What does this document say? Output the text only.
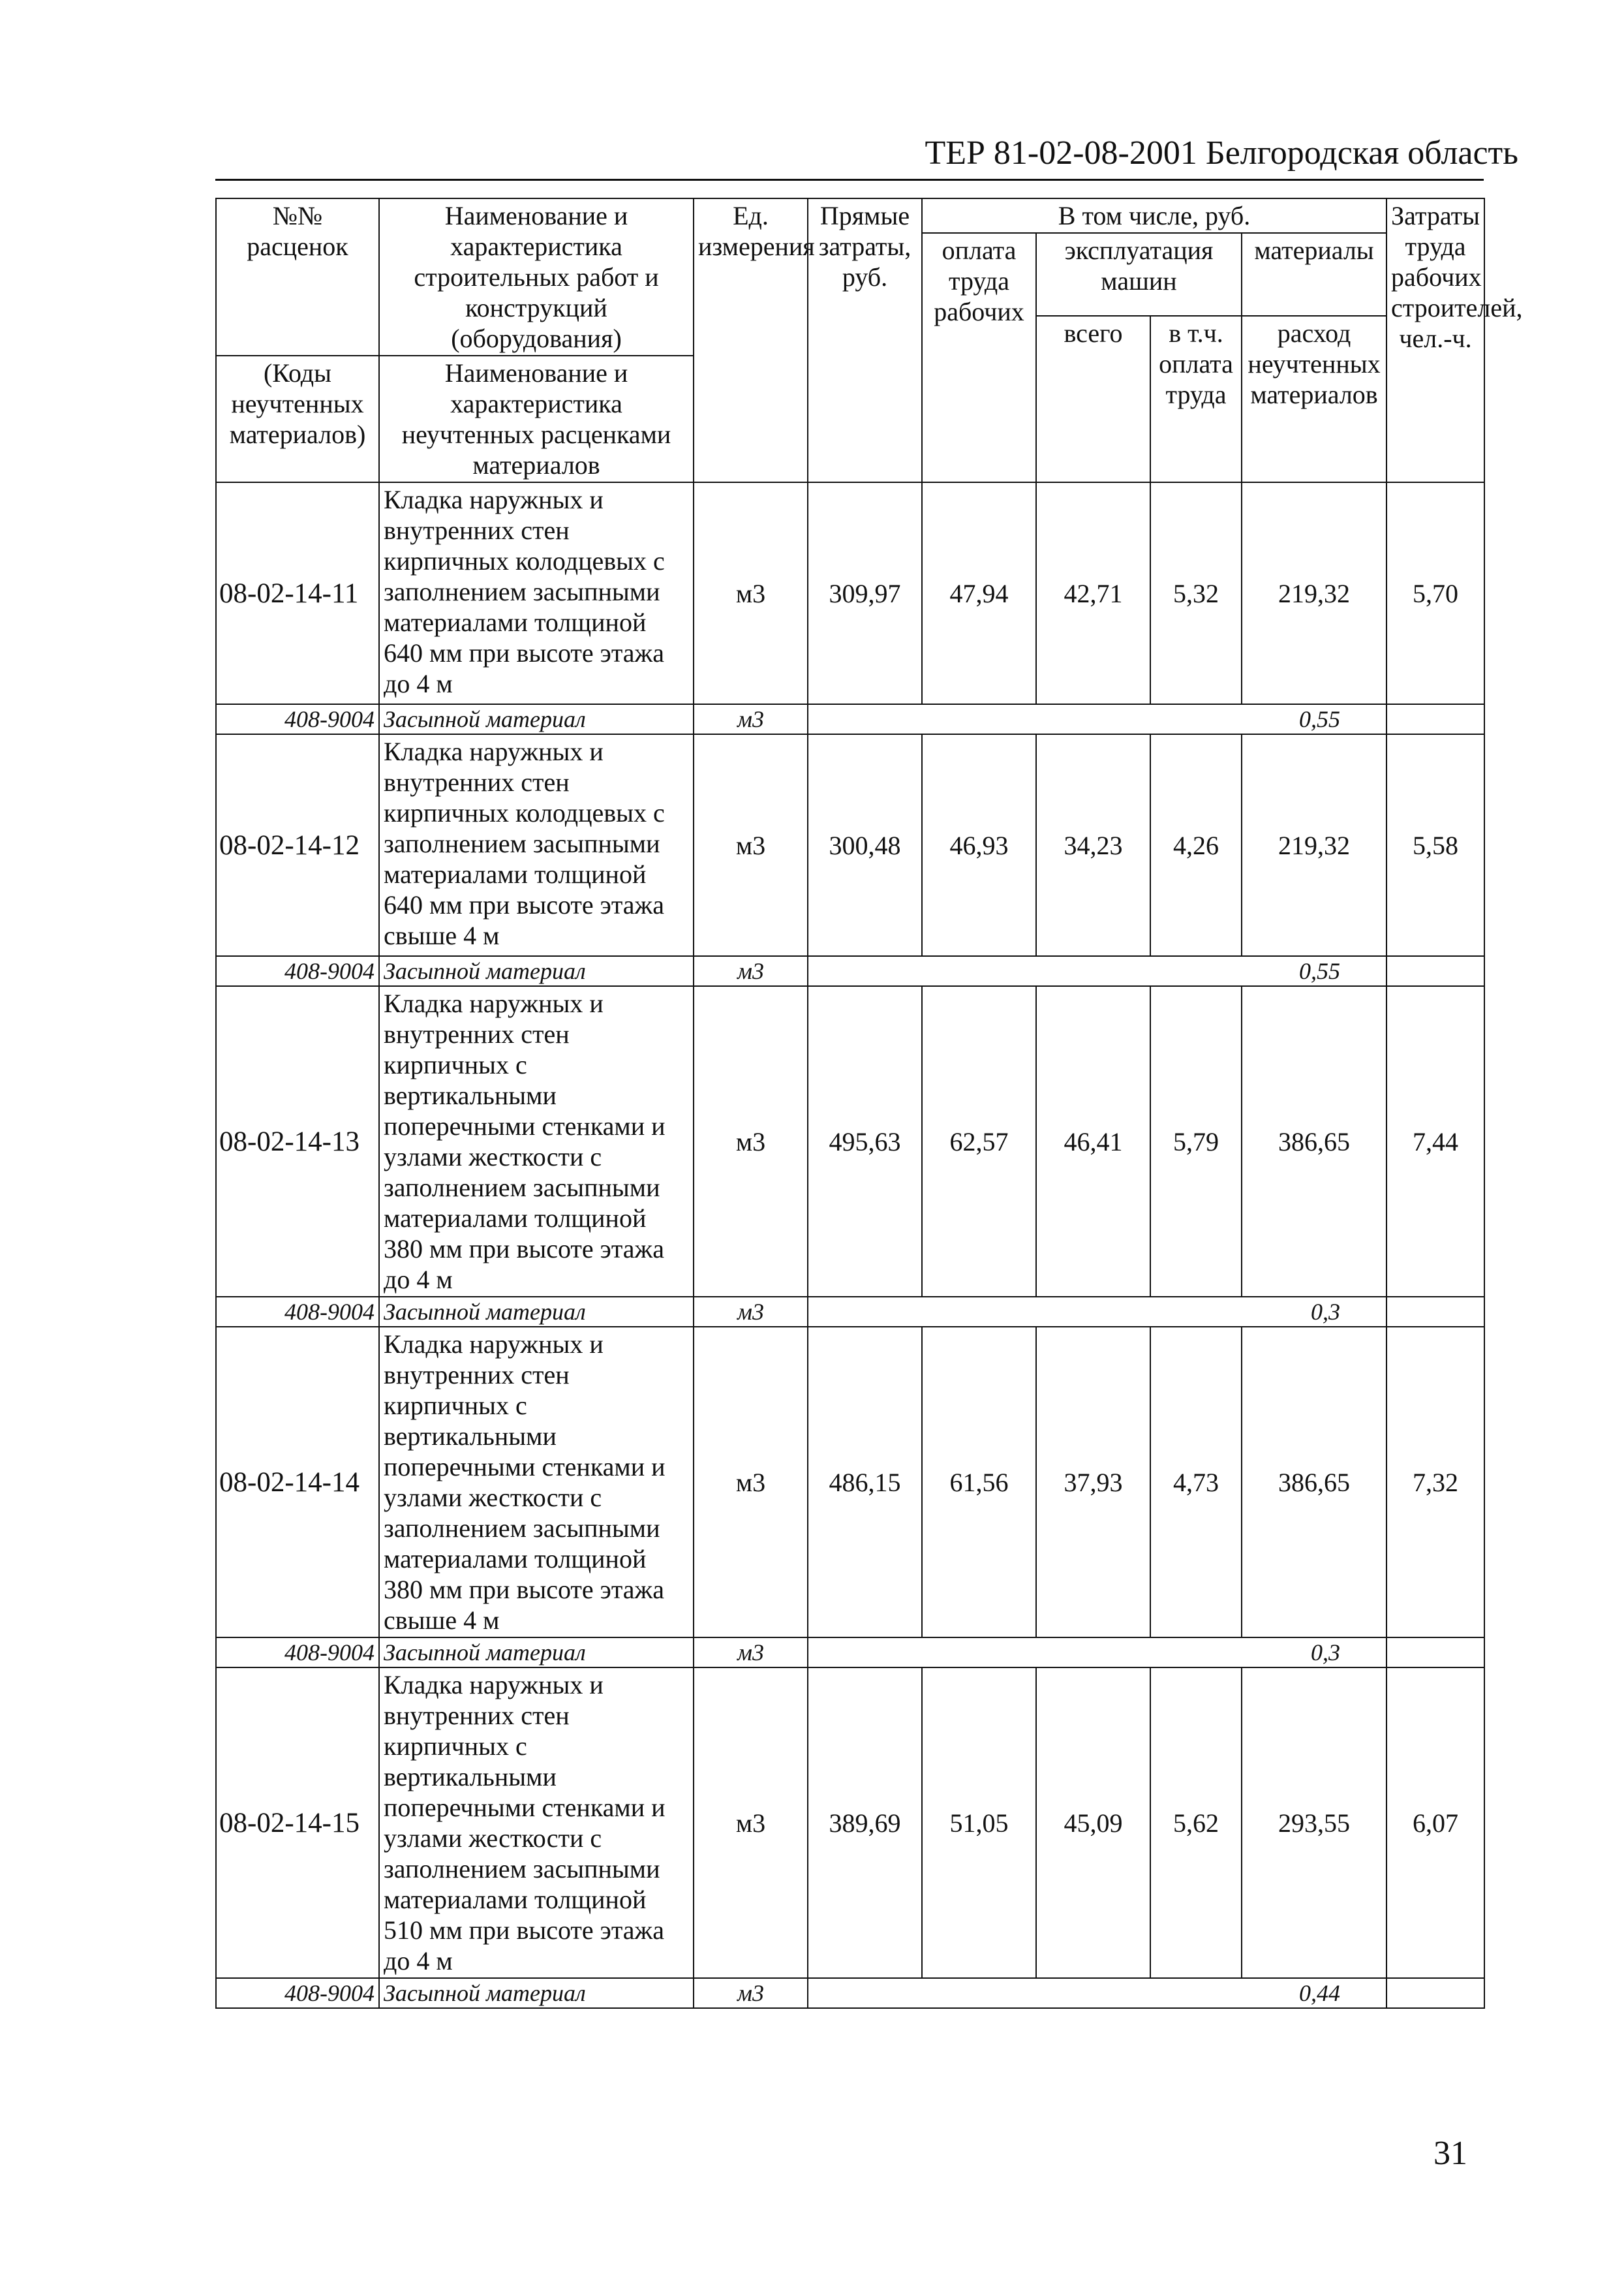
ТЕР 81-02-08-2001 Белгородская область
№№ расценок	Наименование и характеристика строительных работ и конструкций (оборудования)	Ед. измерения	Прямые затраты, руб.	В том числе, руб.				Затраты труда рабочих строителей, чел.-ч.
				оплата труда рабочих	эксплуатация машин		материалы	
					всего	в т.ч. оплата труда	расход неучтенных материалов	
(Коды неучтенных материалов)	Наименование и характеристика неучтенных расценками материалов							

08-02-14-11	Кладка наружных и внутренних стен кирпичных колодцевых с заполнением засыпными материалами толщиной 640 мм при высоте этажа до 4 м	м3	309,97	47,94	42,71	5,32	219,32	5,70
408-9004	Засыпной материал	м3	0,55					
08-02-14-12	Кладка наружных и внутренних стен кирпичных колодцевых с заполнением засыпными материалами толщиной 640 мм при высоте этажа свыше 4 м	м3	300,48	46,93	34,23	4,26	219,32	5,58
408-9004	Засыпной материал	м3	0,55					
08-02-14-13	Кладка наружных и внутренних стен кирпичных с вертикальными поперечными стенками и узлами жесткости с заполнением засыпными материалами толщиной 380 мм при высоте этажа до 4 м	м3	495,63	62,57	46,41	5,79	386,65	7,44
408-9004	Засыпной материал	м3	0,3					
08-02-14-14	Кладка наружных и внутренних стен кирпичных с вертикальными поперечными стенками и узлами жесткости с заполнением засыпными материалами толщиной 380 мм при высоте этажа свыше 4 м	м3	486,15	61,56	37,93	4,73	386,65	7,32
408-9004	Засыпной материал	м3	0,3					
08-02-14-15	Кладка наружных и внутренних стен кирпичных с вертикальными поперечными стенками и узлами жесткости с заполнением засыпными материалами толщиной 510 мм при высоте этажа до 4 м	м3	389,69	51,05	45,09	5,62	293,55	6,07
408-9004	Засыпной материал	м3	0,44					
31
